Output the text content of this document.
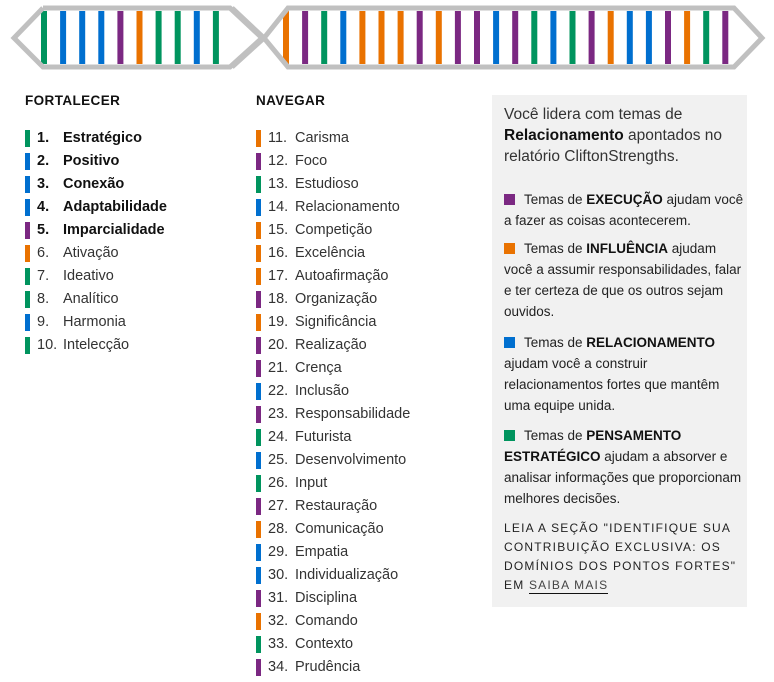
FORTALECER
1. Estratégico
2. Positivo
3. Conexão
4. Adaptabilidade
5. Imparcialidade
6. Ativação
7. Ideativo
8. Analítico
9. Harmonia
10. Intelecção
NAVEGAR
11. Carisma
12. Foco
13. Estudioso
14. Relacionamento
15. Competição
16. Excelência
17. Autoafirmação
18. Organização
19. Significância
20. Realização
21. Crença
22. Inclusão
23. Responsabilidade
24. Futurista
25. Desenvolvimento
26. Input
27. Restauração
28. Comunicação
29. Empatia
30. Individualização
31. Disciplina
32. Comando
33. Contexto
34. Prudência
Você lidera com temas de Relacionamento apontados no relatório CliftonStrengths.
Temas de EXECUÇÃO ajudam você a fazer as coisas acontecerem.
Temas de INFLUÊNCIA ajudam você a assumir responsabilidades, falar e ter certeza de que os outros sejam ouvidos.
Temas de RELACIONAMENTO ajudam você a construir relacionamentos fortes que mantêm uma equipe unida.
Temas de PENSAMENTO ESTRATÉGICO ajudam a absorver e analisar informações que proporcionam melhores decisões.
LEIA A SEÇÃO "IDENTIFIQUE SUA CONTRIBUIÇÃO EXCLUSIVA: OS DOMÍNIOS DOS PONTOS FORTES" EM SAIBA MAIS
